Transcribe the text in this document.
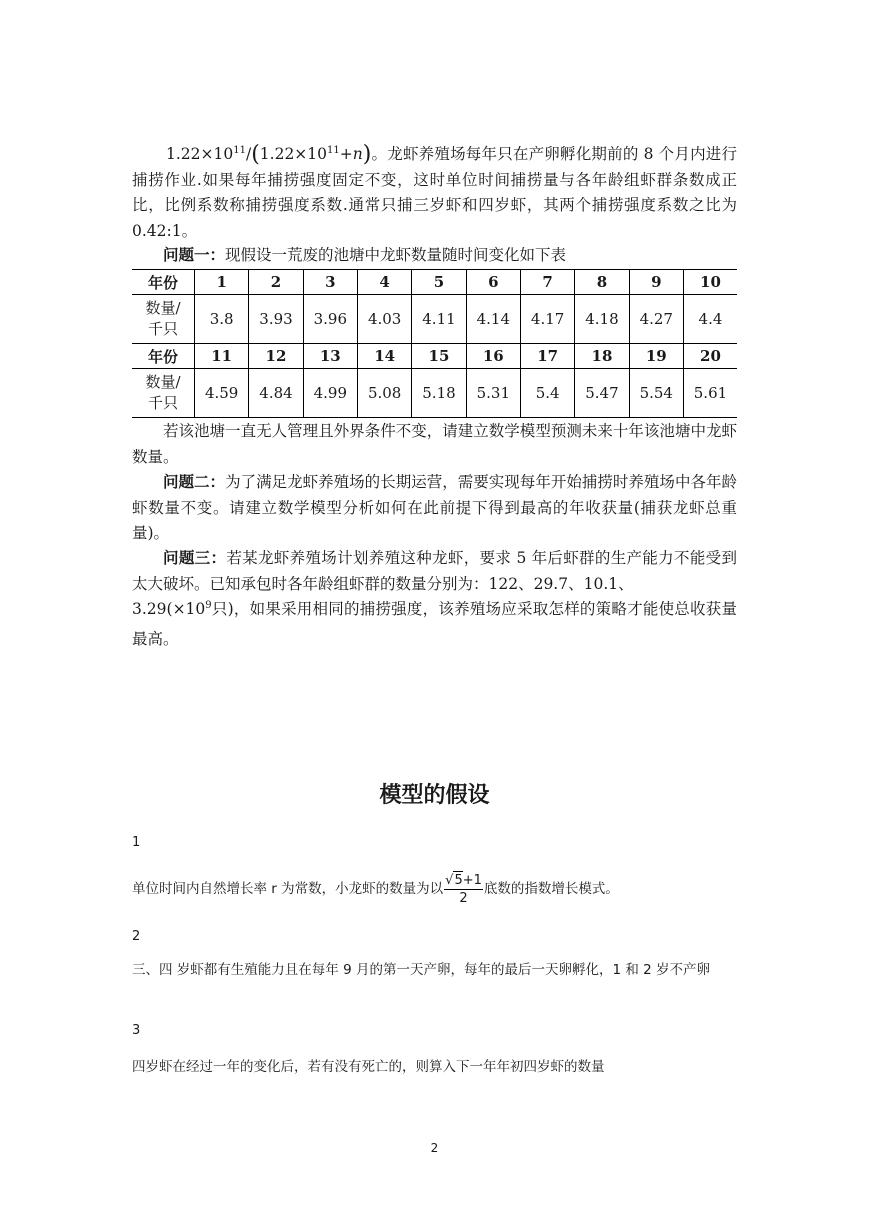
$1.22\times 10^{11}/(1.22\times 10^{11}+n)$。龙虾养殖场每年只在产卵孵化期前的 8 个月内进行捕捞作业.如果每年捕捞强度固定不变，这时单位时间捕捞量与各年龄组虾群条数成正比，比例系数称捕捞强度系数.通常只捕三岁虾和四岁虾，其两个捕捞强度系数之比为 0.42:1。

问题一：现假设一荒废的池塘中龙虾数量随时间变化如下表

年份	1	2	3	4	5	6	7	8	9	10
数量/
千只	3.8	3.93	3.96	4.03	4.11	4.14	4.17	4.18	4.27	4.4
年份	11	12	13	14	15	16	17	18	19	20
数量/
千只	4.59	4.84	4.99	5.08	5.18	5.31	5.4	5.47	5.54	5.61

若该池塘一直无人管理且外界条件不变，请建立数学模型预测未来十年该池塘中龙虾数量。

问题二：为了满足龙虾养殖场的长期运营，需要实现每年开始捕捞时养殖场中各年龄虾数量不变。请建立数学模型分析如何在此前提下得到最高的年收获量(捕获龙虾总重量)。

问题三：若某龙虾养殖场计划养殖这种龙虾，要求 5 年后虾群的生产能力不能受到太大破坏。已知承包时各年龄组虾群的数量分别为：122、29.7、10.1、

$3.29(\times 10^9$只)，如果采用相同的捕捞强度，该养殖场应采取怎样的策略才能使总收获量最高。

模型的假设
1
单位时间内自然增长率 r 为常数，小龙虾的数量为以 $\frac{√5+1}{2}$ 底数的指数增长模式。
2
三、四 岁虾都有生殖能力且在每年 9 月的第一天产卵，每年的最后一天卵孵化，1 和 2 岁不产卵
3
四岁虾在经过一年的变化后，若有没有死亡的，则算入下一年年初四岁虾的数量
2
